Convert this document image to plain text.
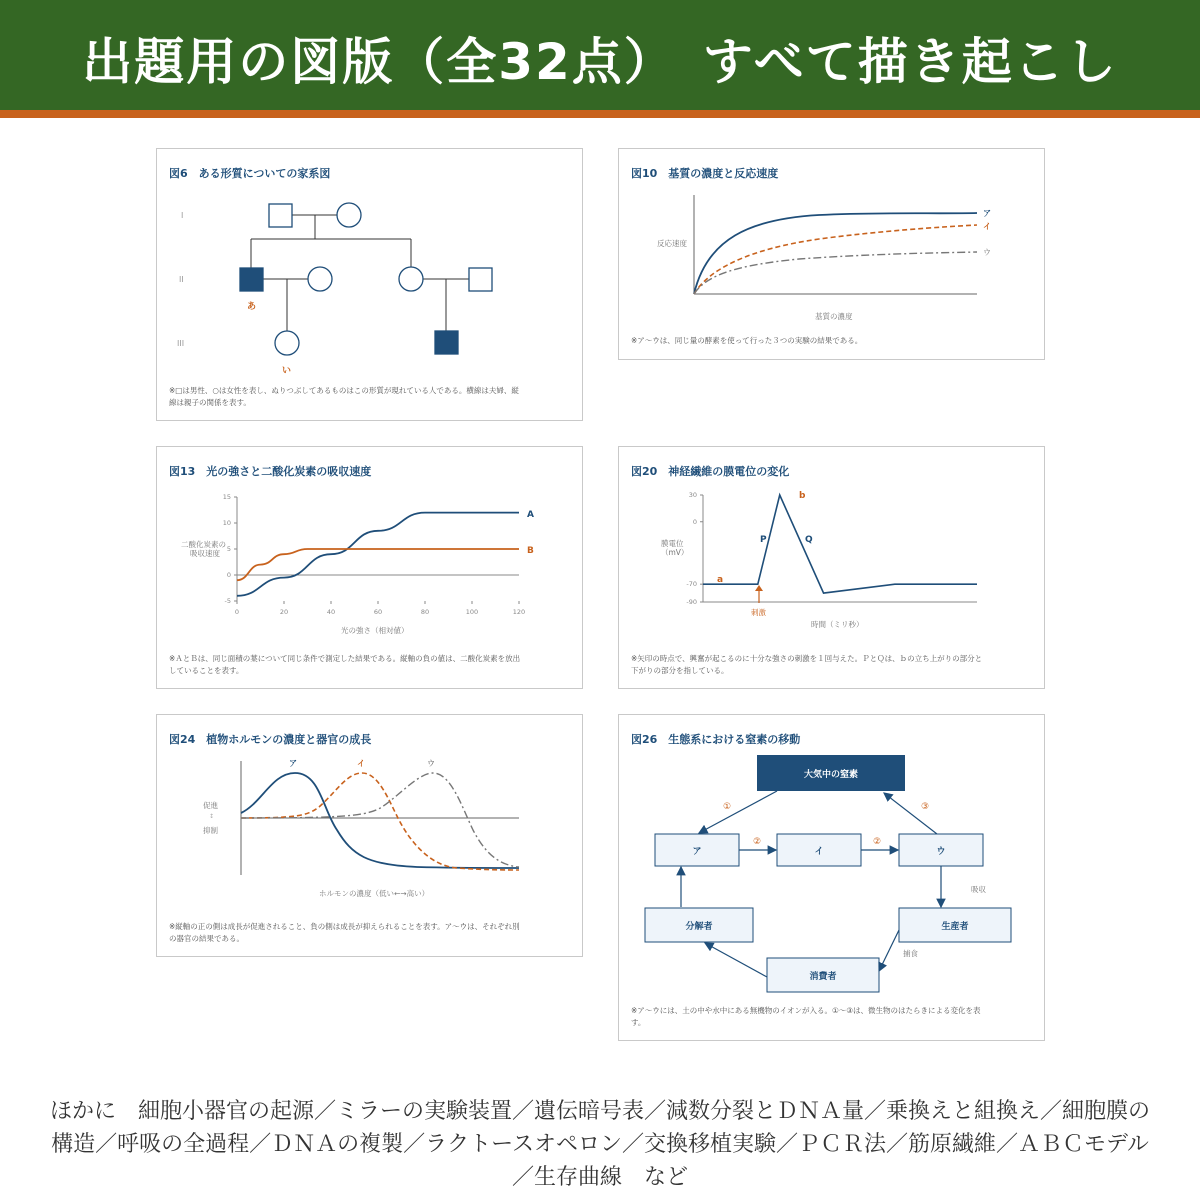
出題用の図版（全32点）　すべて描き起こし
図6　ある形質についての家系図
I
II
III
あ
い
※□は男性、○は女性を表し、ぬりつぶしてあるものはこの形質が現れている人である。横線は夫婦、縦
線は親子の関係を表す。
図10　基質の濃度と反応速度
反応速度
基質の濃度
ア
イ
ウ
※ア〜ウは、同じ量の酵素を使って行った３つの実験の結果である。
図13　光の強さと二酸化炭素の吸収速度
0	20	40	60	80	100	120
-5
0
5
10
15
二酸化炭素の
吸収速度
光の強さ（相対値）
A
B
※ＡとＢは、同じ面積の葉について同じ条件で測定した結果である。縦軸の負の値は、二酸化炭素を放出
していることを表す。
図20　神経繊維の膜電位の変化
30
0
-70
-90
膜電位
（mV）
時間（ミリ秒）
a
b
P	Q
刺激
※矢印の時点で、興奮が起こるのに十分な強さの刺激を１回与えた。ＰとＱは、ｂの立ち上がりの部分と
下がりの部分を指している。
図24　植物ホルモンの濃度と器官の成長
促進
↕
抑制
ホルモンの濃度（低い←→高い）
ア	イ	ウ
※縦軸の正の側は成長が促進されること、負の側は成長が抑えられることを表す。ア〜ウは、それぞれ別
の器官の結果である。
図26　生態系における窒素の移動
大気中の窒素
ア	イ	ウ
分解者	生産者
消費者
①
②	②
③
吸収
捕食
※ア〜ウには、土の中や水中にある無機物のイオンが入る。①〜③は、微生物のはたらきによる変化を表
す。
ほかに　細胞小器官の起源／ミラーの実験装置／遺伝暗号表／減数分裂とＤＮＡ量／乗換えと組換え／細胞膜の構造／呼吸の全過程／ＤＮＡの複製／ラクトースオペロン／交換移植実験／ＰＣＲ法／筋原繊維／ＡＢＣモデル／生存曲線　など
